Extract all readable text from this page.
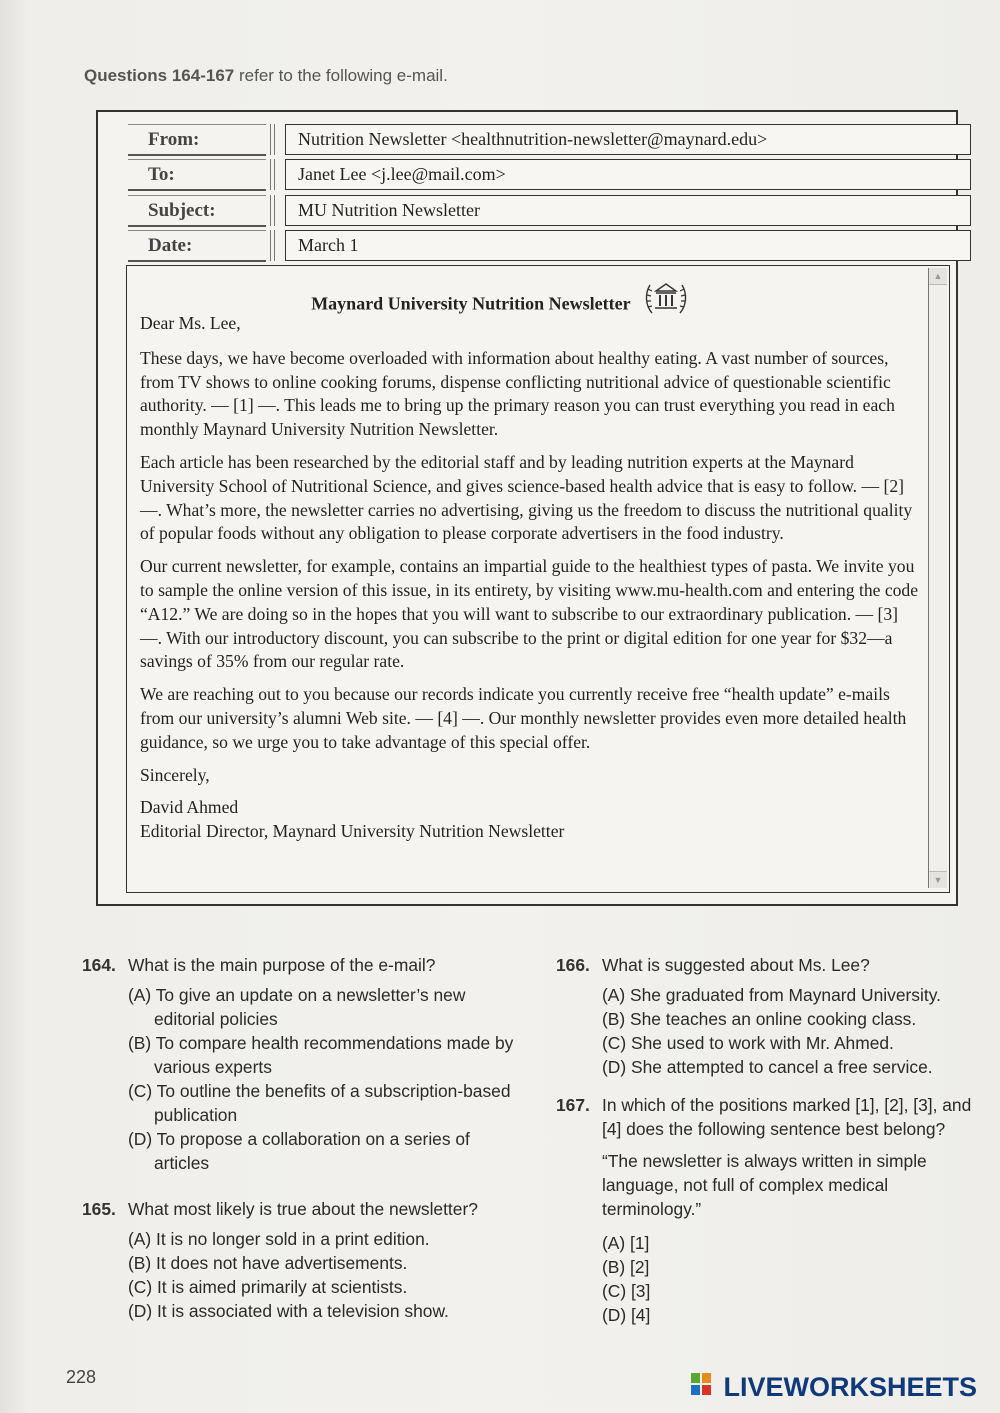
Questions 164-167 refer to the following e-mail.
From:	Nutrition Newsletter <healthnutrition-newsletter@maynard.edu>
To:	Janet Lee <j.lee@mail.com>
Subject:	MU Nutrition Newsletter
Date:	March 1
▲
▼
Maynard University Nutrition Newsletter

Dear Ms. Lee,

These days, we have become overloaded with information about healthy eating. A vast number of sources, from TV shows to online cooking forums, dispense conflicting nutritional advice of questionable scientific authority. — [1] —. This leads me to bring up the primary reason you can trust everything you read in each monthly Maynard University Nutrition Newsletter.

Each article has been researched by the editorial staff and by leading nutrition experts at the Maynard University School of Nutritional Science, and gives science-based health advice that is easy to follow. — [2] —. What’s more, the newsletter carries no advertising, giving us the freedom to discuss the nutritional quality of popular foods without any obligation to please corporate advertisers in the food industry.

Our current newsletter, for example, contains an impartial guide to the healthiest types of pasta. We invite you to sample the online version of this issue, in its entirety, by visiting www.mu-health.com and entering the code “A12.” We are doing so in the hopes that you will want to subscribe to our extraordinary publication. — [3] —. With our introductory discount, you can subscribe to the print or digital edition for one year for $32—a savings of 35% from our regular rate.

We are reaching out to you because our records indicate you currently receive free “health update” e-mails from our university’s alumni Web site. — [4] —. Our monthly newsletter provides even more detailed health guidance, so we urge you to take advantage of this special offer.

Sincerely,

David Ahmed

Editorial Director, Maynard University Nutrition Newsletter

164. What is the main purpose of the e-mail?
(A) To give an update on a newsletter’s new editorial policies
(B) To compare health recommendations made by various experts
(C) To outline the benefits of a subscription-based publication
(D) To propose a collaboration on a series of articles
165. What most likely is true about the newsletter?
(A) It is no longer sold in a print edition.
(B) It does not have advertisements.
(C) It is aimed primarily at scientists.
(D) It is associated with a television show.
166. What is suggested about Ms. Lee?
(A) She graduated from Maynard University.
(B) She teaches an online cooking class.
(C) She used to work with Mr. Ahmed.
(D) She attempted to cancel a free service.
167. In which of the positions marked [1], [2], [3], and [4] does the following sentence best belong?
“The newsletter is always written in simple language, not full of complex medical terminology.”
(A) [1]
(B) [2]
(C) [3]
(D) [4]
228	LIVEWORKSHEETS
